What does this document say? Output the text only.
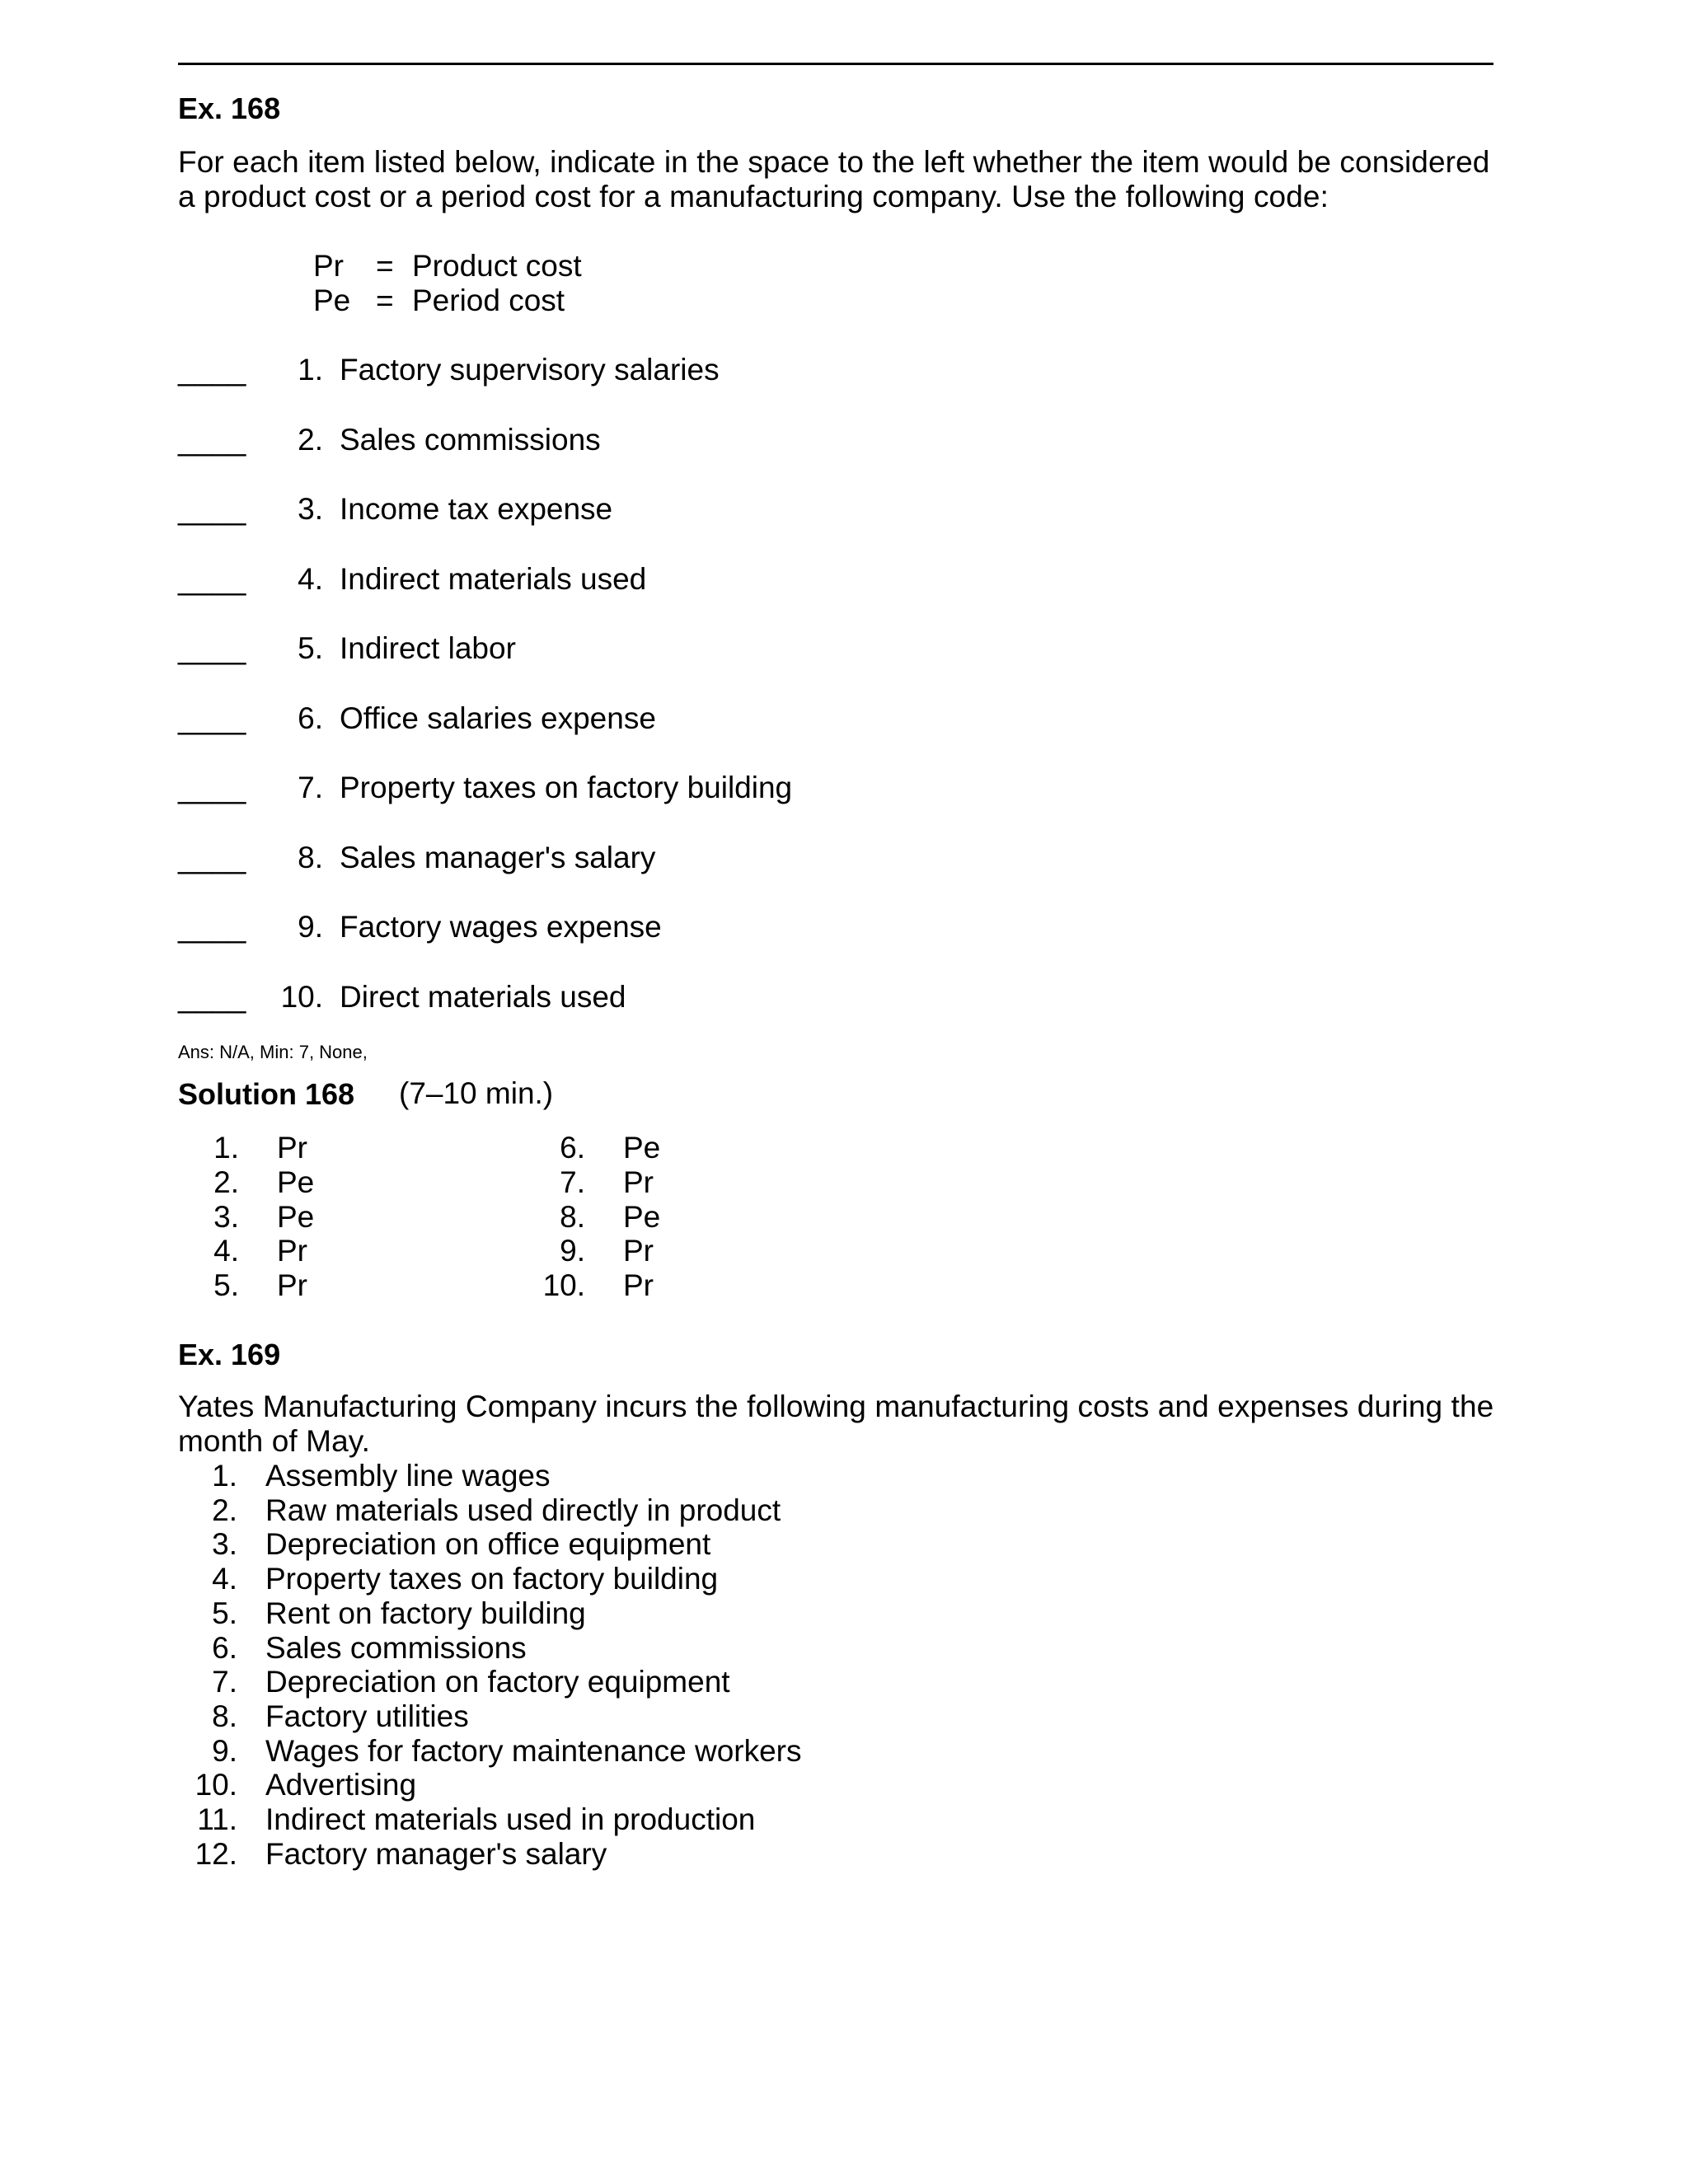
Ex. 168
For each item listed below, indicate in the space to the left whether the item would be considered a product cost or a period cost for a manufacturing company. Use the following code:
Pr = Product cost
Pe = Period cost
____	1. Factory supervisory salaries
____	2. Sales commissions
____	3. Income tax expense
____	4. Indirect materials used
____	5. Indirect labor
____	6. Office salaries expense
____	7. Property taxes on factory building
____	8. Sales manager's salary
____	9. Factory wages expense
____	10. Direct materials used
Ans: N/A, Min: 7, None,
Solution 168 (7–10 min.)
1. Pr	6. Pe
2. Pe	7. Pr
3. Pe	8. Pe
4. Pr	9. Pr
5. Pr	10. Pr
Ex. 169
Yates Manufacturing Company incurs the following manufacturing costs and expenses during the month of May.
1. Assembly line wages
2. Raw materials used directly in product
3. Depreciation on office equipment
4. Property taxes on factory building
5. Rent on factory building
6. Sales commissions
7. Depreciation on factory equipment
8. Factory utilities
9. Wages for factory maintenance workers
10. Advertising
11. Indirect materials used in production
12. Factory manager's salary
